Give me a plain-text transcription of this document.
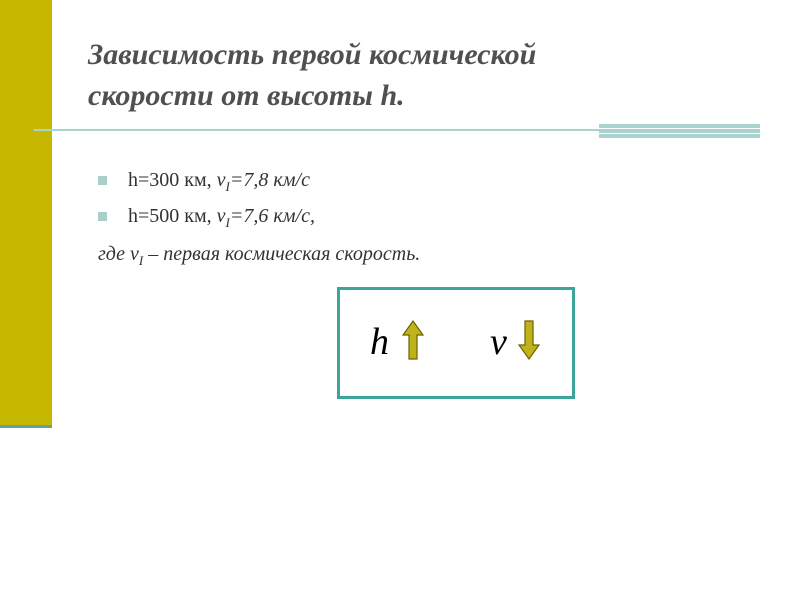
Зависимость первой космической
скорости от высоты h.
h=300 км, $v_I=7,8$ км/с
h=500 км, $v_I=7,6$ км/с,
где $v_I$ – первая космическая скорость.
h	v
